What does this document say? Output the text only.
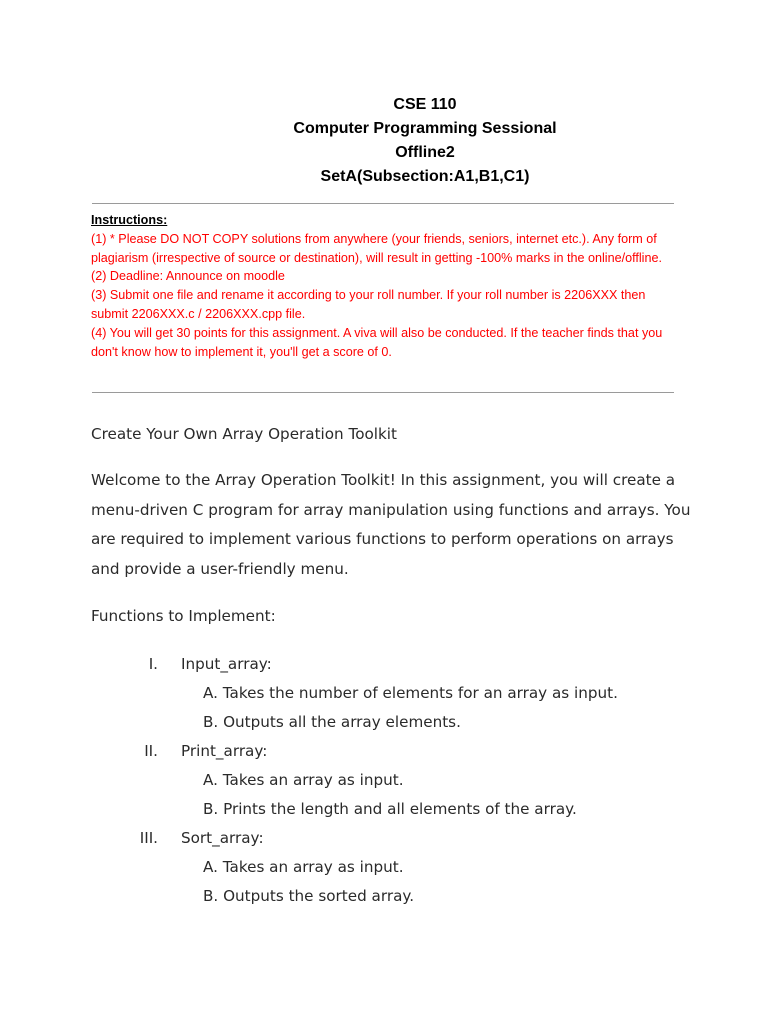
CSE 110
Computer Programming Sessional
Offline2
SetA(Subsection:A1,B1,C1)
Instructions:
(1) * Please DO NOT COPY solutions from anywhere (your friends, seniors, internet etc.). Any form of plagiarism (irrespective of source or destination), will result in getting -100% marks in the online/offline.
(2) Deadline: Announce on moodle
(3) Submit one file and rename it according to your roll number. If your roll number is 2206XXX then submit 2206XXX.c / 2206XXX.cpp file.
(4) You will get 30 points for this assignment. A viva will also be conducted. If the teacher finds that you don't know how to implement it, you'll get a score of 0.
Create Your Own Array Operation Toolkit
Welcome to the Array Operation Toolkit! In this assignment, you will create a menu-driven C program for array manipulation using functions and arrays. You are required to implement various functions to perform operations on arrays and provide a user-friendly menu.
Functions to Implement:
I. Input_array:
A. Takes the number of elements for an array as input.
B. Outputs all the array elements.
II. Print_array:
A. Takes an array as input.
B. Prints the length and all elements of the array.
III. Sort_array:
A. Takes an array as input.
B. Outputs the sorted array.
